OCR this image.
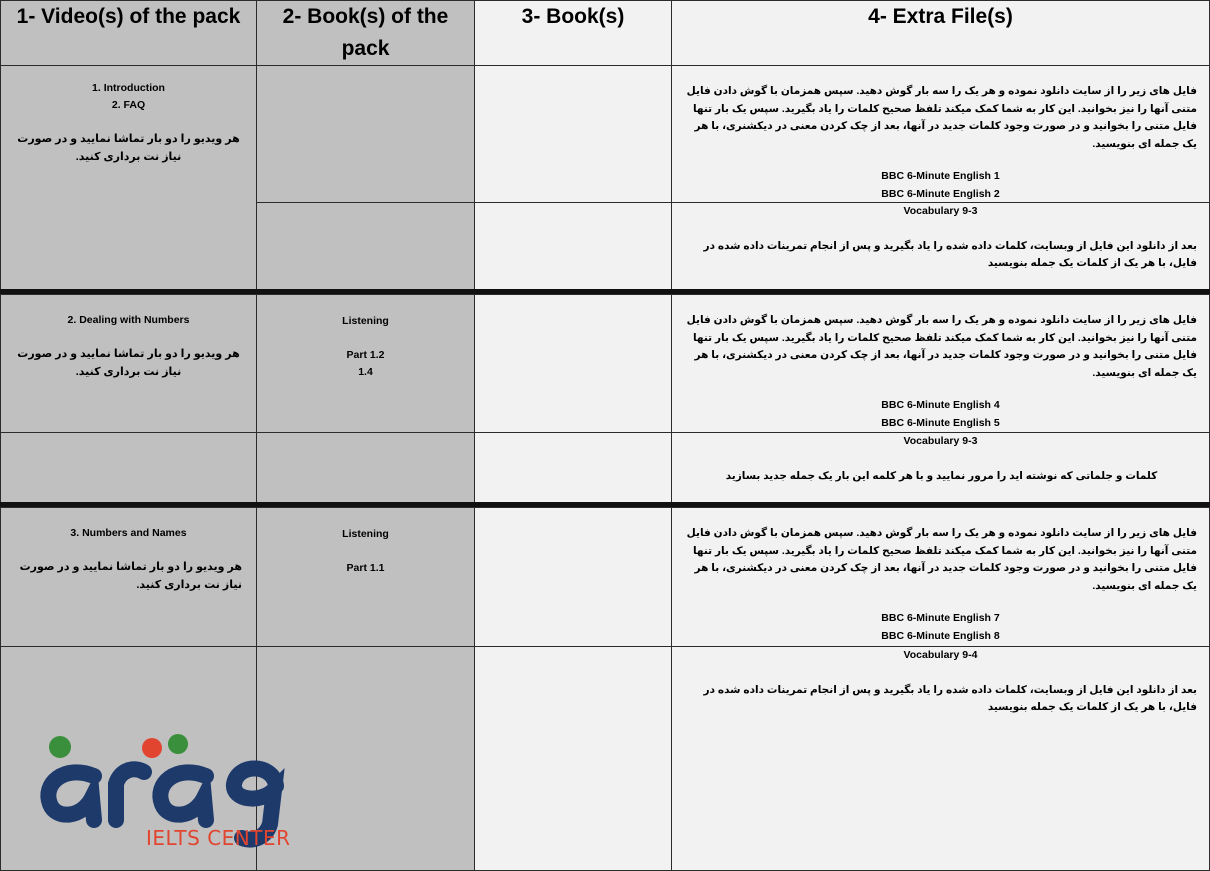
1- Video(s) of the pack	2- Book(s) of the pack
3- Book(s)	4- Extra File(s)
1. Introduction
2. FAQ
هر ویدیو را دو بار تماشا نمایید و در صورت نیاز نت برداری کنید.
فایل های زیر را از سایت دانلود نموده و هر یک را سه بار گوش دهید. سپس همزمان با گوش دادن فایل متنی آنها را نیز بخوانید. این کار به شما کمک میکند تلفظ صحیح کلمات را یاد بگیرید. سپس یک بار تنها فایل متنی را بخوانید و در صورت وجود کلمات جدید در آنها، بعد از چک کردن معنی در دیکشنری، با هر یک جمله ای بنویسید.
BBC 6-Minute English 1
BBC 6-Minute English 2
Vocabulary 9-3
بعد از دانلود این فایل از وبسایت، کلمات داده شده را یاد بگیرید و پس از انجام تمرینات داده شده در فایل، با هر یک از کلمات یک جمله بنویسید
2. Dealing with Numbers
هر ویدیو را دو بار تماشا نمایید و در صورت نیاز نت برداری کنید.
Listening
Part 1.2
1.4
فایل های زیر را از سایت دانلود نموده و هر یک را سه بار گوش دهید. سپس همزمان با گوش دادن فایل متنی آنها را نیز بخوانید. این کار به شما کمک میکند تلفظ صحیح کلمات را یاد بگیرید. سپس یک بار تنها فایل متنی را بخوانید و در صورت وجود کلمات جدید در آنها، بعد از چک کردن معنی در دیکشنری، با هر یک جمله ای بنویسید.
BBC 6-Minute English 4
BBC 6-Minute English 5
Vocabulary 9-3
کلمات و جلماتی که نوشته اید را مرور نمایید و با هر کلمه این بار یک جمله جدید بسازید
3. Numbers and Names
هر ویدیو را دو بار تماشا نمایید و در صورت نیاز نت برداری کنید.
Listening
Part 1.1
فایل های زیر را از سایت دانلود نموده و هر یک را سه بار گوش دهید. سپس همزمان با گوش دادن فایل متنی آنها را نیز بخوانید. این کار به شما کمک میکند تلفظ صحیح کلمات را یاد بگیرید. سپس یک بار تنها فایل متنی را بخوانید و در صورت وجود کلمات جدید در آنها، بعد از چک کردن معنی در دیکشنری، با هر یک جمله ای بنویسید.
BBC 6-Minute English 7
BBC 6-Minute English 8
Vocabulary 9-4
بعد از دانلود این فایل از وبسایت، کلمات داده شده را یاد بگیرید و پس از انجام تمرینات داده شده در فایل، با هر یک از کلمات یک جمله بنویسید
IELTS CENTER
